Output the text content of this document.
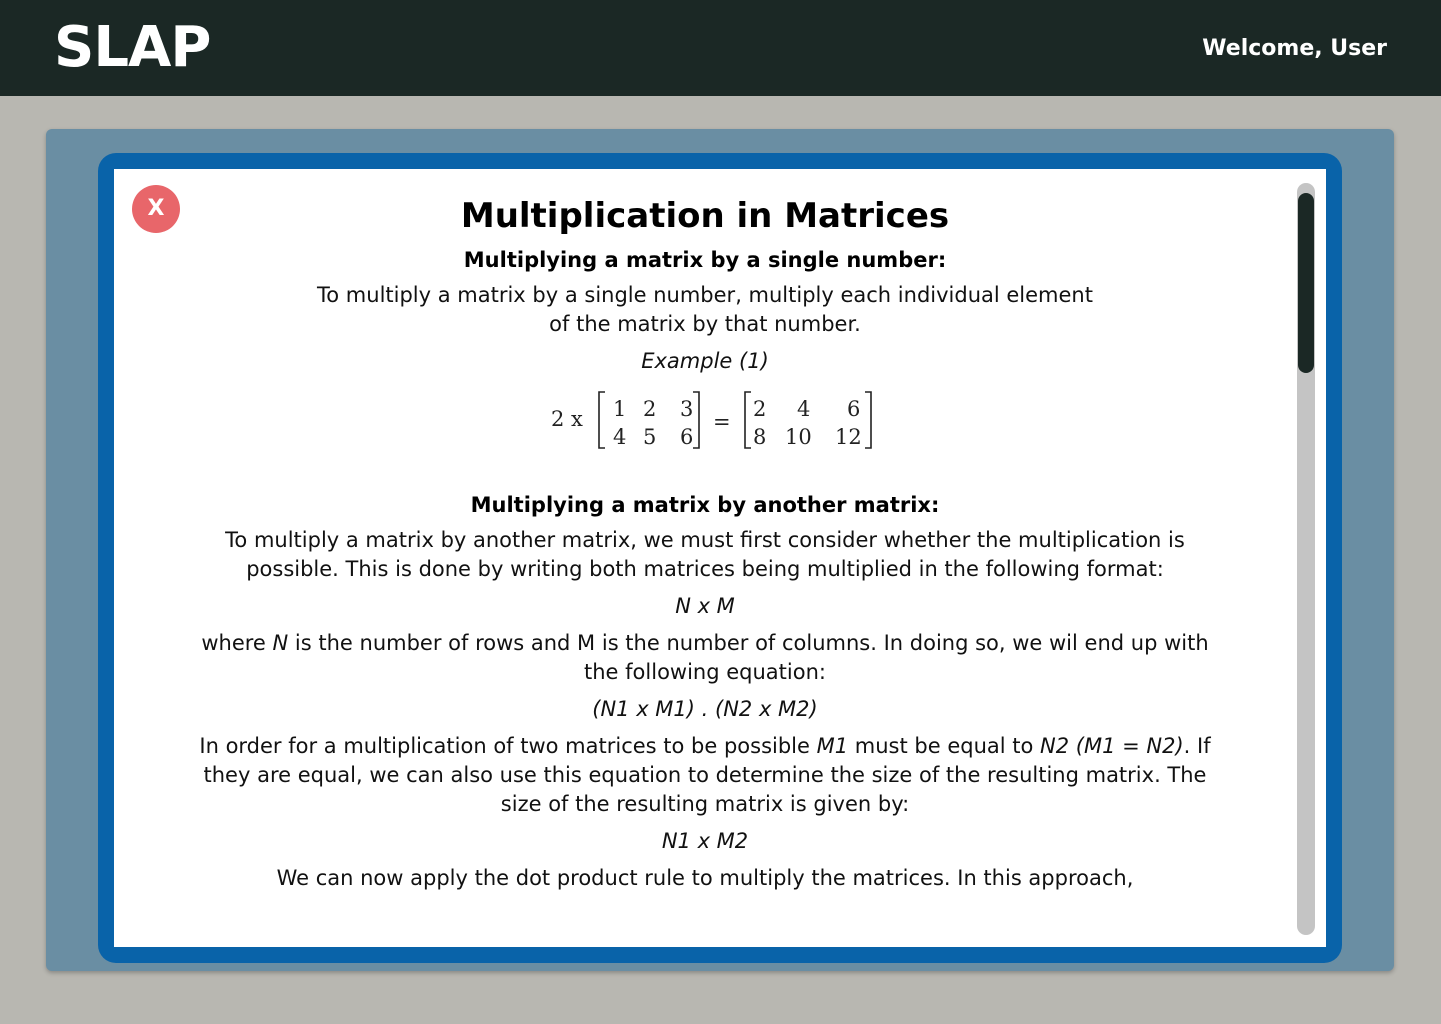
SLAP	Welcome, User
X	Multiplication in Matrices
Multiplying a matrix by a single number:

To multiply a matrix by a single number, multiply each individual element of the matrix by that number.

Example (1)

2 x 1 2 3
4 5 6
=
2 4 6
8 10 12
Multiplying a matrix by another matrix:

To multiply a matrix by another matrix, we must first consider whether the multiplication is possible. This is done by writing both matrices being multiplied in the following format:

N x M

where N is the number of rows and M is the number of columns. In doing so, we wil end up with the following equation:

(N1 x M1) . (N2 x M2)

In order for a multiplication of two matrices to be possible M1 must be equal to N2 (M1 = N2). If they are equal, we can also use this equation to determine the size of the resulting matrix. The size of the resulting matrix is given by:

N1 x M2

We can now apply the dot product rule to multiply the matrices. In this approach,
